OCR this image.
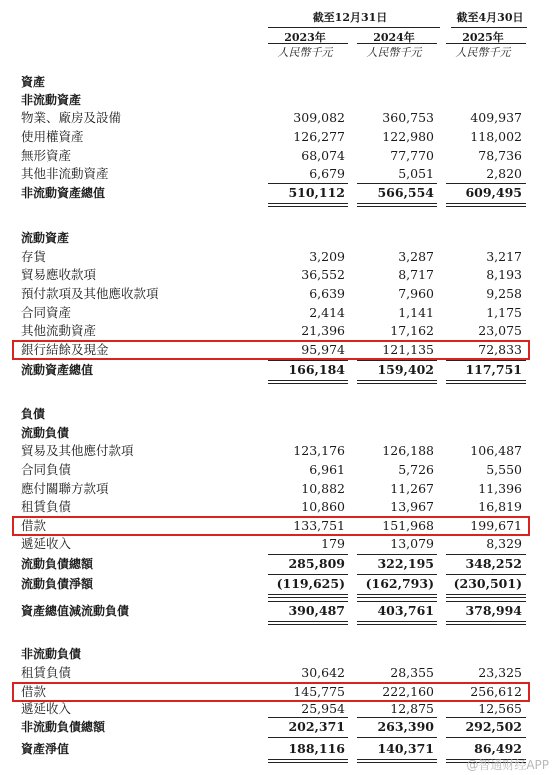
截至12月31日	截至4月30日
2023年	2024年	2025年
人民幣千元	人民幣千元	人民幣千元
資產
非流動資產
物業、廠房及設備	309,082	360,753	409,937
使用權資產	126,277	122,980	118,002
無形資產	68,074	77,770	78,736
其他非流動資產	6,679	5,051	2,820
非流動資產總值	510,112	566,554	609,495
流動資產
存貨	3,209	3,287	3,217
貿易應收款項	36,552	8,717	8,193
預付款項及其他應收款項	6,639	7,960	9,258
合同資產	2,414	1,141	1,175
其他流動資產	21,396	17,162	23,075
銀行結餘及現金	95,974	121,135	72,833
流動資產總值	166,184	159,402	117,751
負債
流動負債
貿易及其他應付款項	123,176	126,188	106,487
合同負債	6,961	5,726	5,550
應付關聯方款項	10,882	11,267	11,396
租賃負債	10,860	13,967	16,819
借款	133,751	151,968	199,671
遞延收入	179	13,079	8,329
流動負債總額	285,809	322,195	348,252
流動負債淨額	(119,625)	(162,793)	(230,501)
資產總值減流動負債	390,487	403,761	378,994
非流動負債
租賃負債	30,642	28,355	23,325
借款	145,775	222,160	256,612
遞延收入	25,954	12,875	12,565
非流動負債總額	202,371	263,390	292,502
資產淨值	188,116	140,371	86,492
@智通财经APP
